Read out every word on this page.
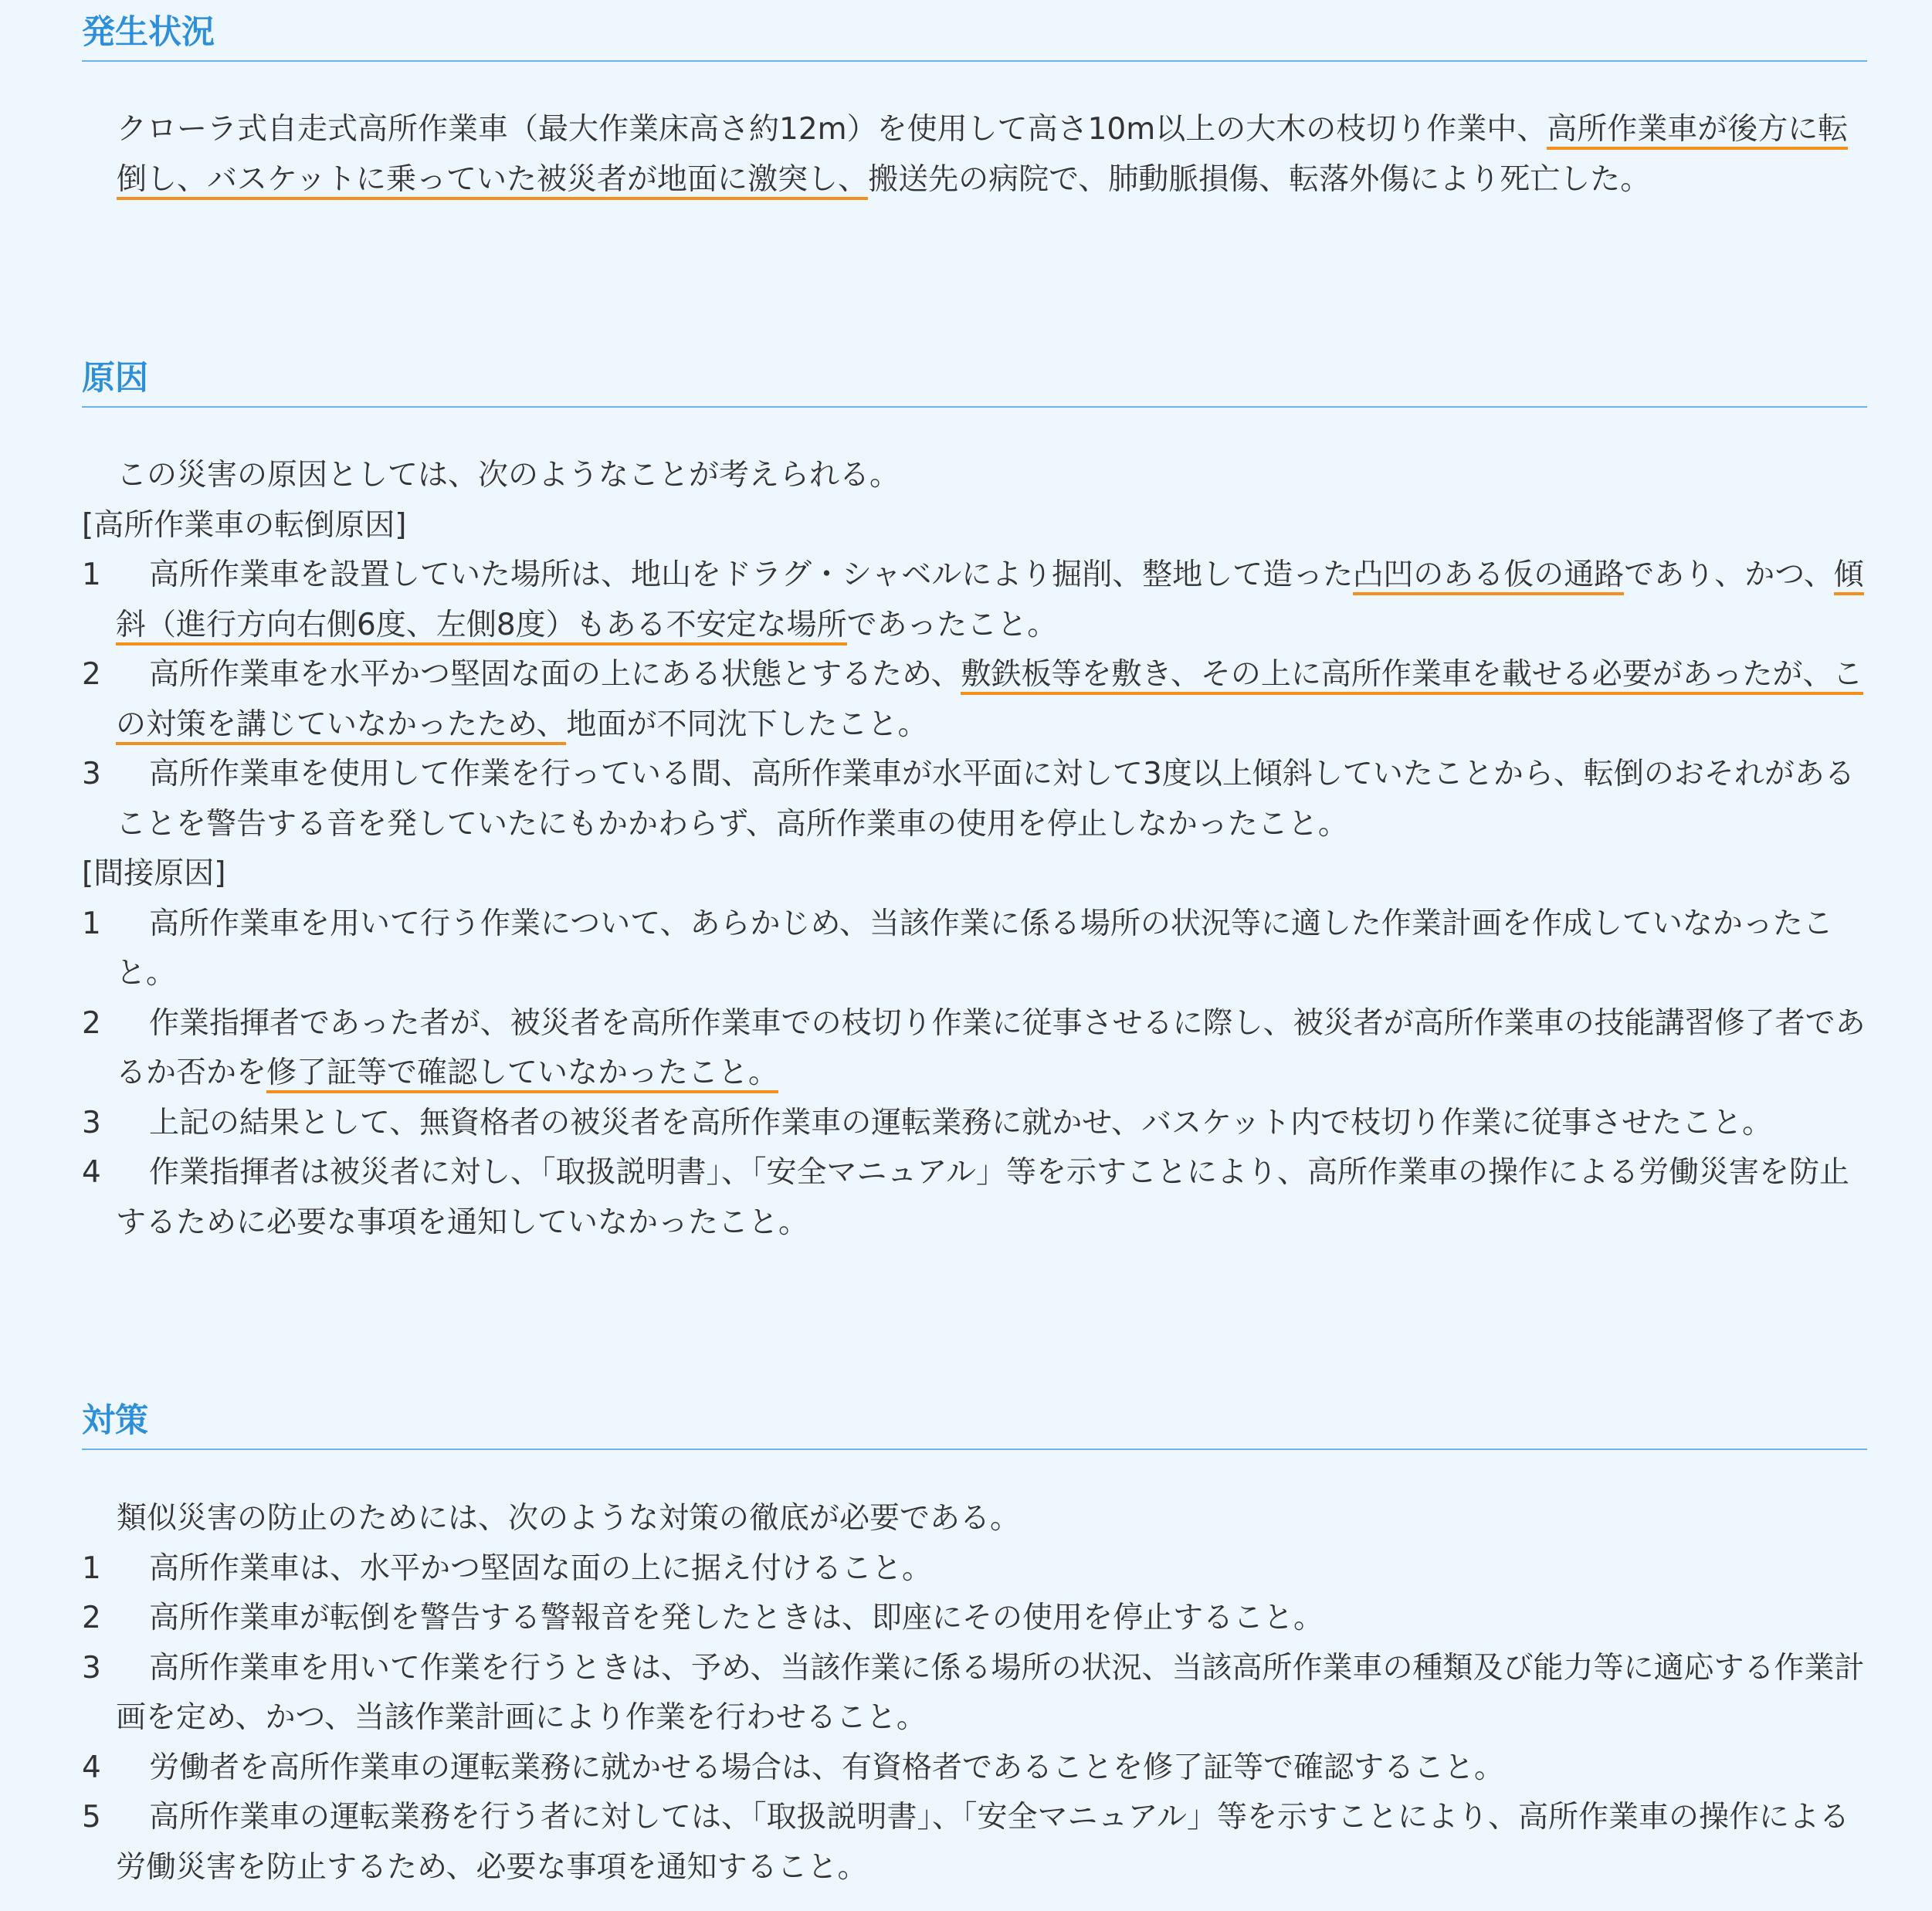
発生状況

クローラ式自走式高所作業車（最大作業床高さ約12m）を使用して高さ10m以上の大木の枝切り作業中、高所作業車が後方に転倒し、バスケットに乗っていた被災者が地面に激突し、搬送先の病院で、肺動脈損傷、転落外傷により死亡した。

原因

この災害の原因としては、次のようなことが考えられる。

[高所作業車の転倒原因]

1	高所作業車を設置していた場所は、地山をドラグ・シャベルにより掘削、整地して造った凸凹のある仮の通路であり、かつ、傾斜（進行方向右側6度、左側8度）もある不安定な場所であったこと。
2	高所作業車を水平かつ堅固な面の上にある状態とするため、敷鉄板等を敷き、その上に高所作業車を載せる必要があったが、この対策を講じていなかったため、地面が不同沈下したこと。
3	高所作業車を使用して作業を行っている間、高所作業車が水平面に対して3度以上傾斜していたことから、転倒のおそれがあることを警告する音を発していたにもかかわらず、高所作業車の使用を停止しなかったこと。

[間接原因]

1	高所作業車を用いて行う作業について、あらかじめ、当該作業に係る場所の状況等に適した作業計画を作成していなかったこと。
2	作業指揮者であった者が、被災者を高所作業車での枝切り作業に従事させるに際し、被災者が高所作業車の技能講習修了者であるか否かを修了証等で確認していなかったこと。
3	上記の結果として、無資格者の被災者を高所作業車の運転業務に就かせ、バスケット内で枝切り作業に従事させたこと。
4	作業指揮者は被災者に対し、「取扱説明書」、「安全マニュアル」等を示すことにより、高所作業車の操作による労働災害を防止するために必要な事項を通知していなかったこと。
対策

類似災害の防止のためには、次のような対策の徹底が必要である。

1	高所作業車は、水平かつ堅固な面の上に据え付けること。
2	高所作業車が転倒を警告する警報音を発したときは、即座にその使用を停止すること。
3	高所作業車を用いて作業を行うときは、予め、当該作業に係る場所の状況、当該高所作業車の種類及び能力等に適応する作業計画を定め、かつ、当該作業計画により作業を行わせること。
4	労働者を高所作業車の運転業務に就かせる場合は、有資格者であることを修了証等で確認すること。
5	高所作業車の運転業務を行う者に対しては、「取扱説明書」、「安全マニュアル」等を示すことにより、高所作業車の操作による労働災害を防止するため、必要な事項を通知すること。
